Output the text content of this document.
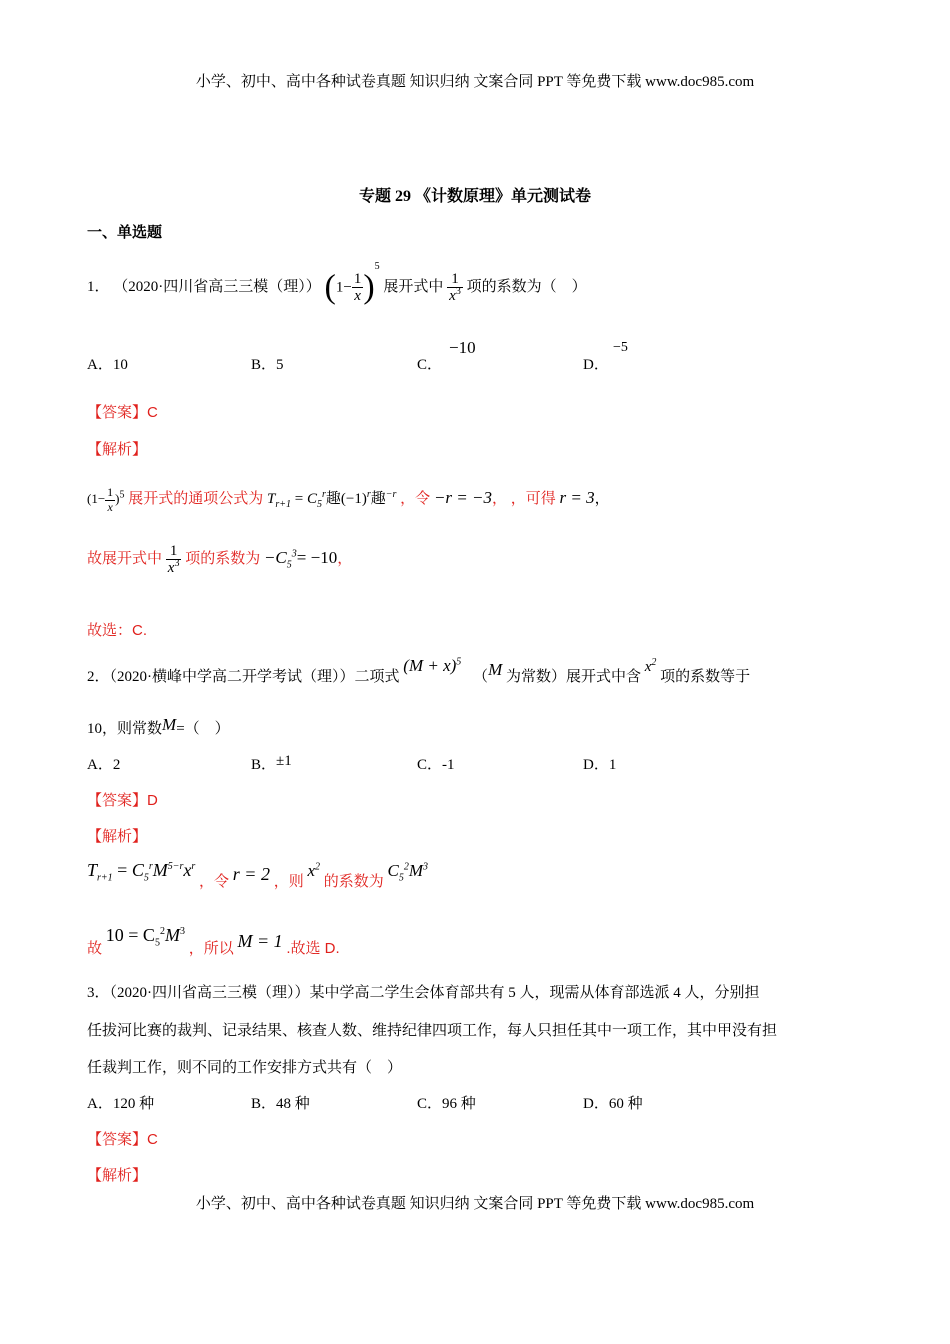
小学、初中、高中各种试卷真题 知识归纳 文案合同 PPT 等免费下载 www.doc985.com
专题 29 《计数原理》单元测试卷
一、单选题
1． （2020·四川省高三三模（理）） $(1- \frac{1}{x} )^5$ 展开式中 $\frac{1}{x^3}$ 项的系数为（　）
A．10	B．5	C．
−10
D．
−5
【答案】C
【解析】
$(1- \frac{1}{x} )^5$ 展开式的通项公式为 $T_{r+1} = C_5^r$趣$(-1)^r$趣$^{-r}$ ，令 −r = −3， ，可得 r = 3，
故展开式中 $\frac{1}{x^3}$ 项的系数为 $-C_5^3= -10$，
故选：C.
2．（2020·横峰中学高二开学考试（理））二项式 $(M + x)^5$ （M 为常数）展开式中含 $x^2$ 项的系数等于
10，则常数M=（　）
A．2	B．±1	C．-1	D．1
【答案】D
【解析】
$T_{r+1} = C_5^rM^{5-r}x^r$ ，令 r = 2 ，则 $x^2$ 的系数为 $C_5^2M^3$
故 $10 = C_5^2M^3$ ，所以 M = 1 .故选 D.
3．（2020·四川省高三三模（理））某中学高二学生会体育部共有 5 人，现需从体育部选派 4 人，分别担
任拔河比赛的裁判、记录结果、核查人数、维持纪律四项工作，每人只担任其中一项工作，其中甲没有担
任裁判工作，则不同的工作安排方式共有（　）
A．120 种	B．48 种	C．96 种	D．60 种
【答案】C
【解析】
小学、初中、高中各种试卷真题 知识归纳 文案合同 PPT 等免费下载 www.doc985.com
